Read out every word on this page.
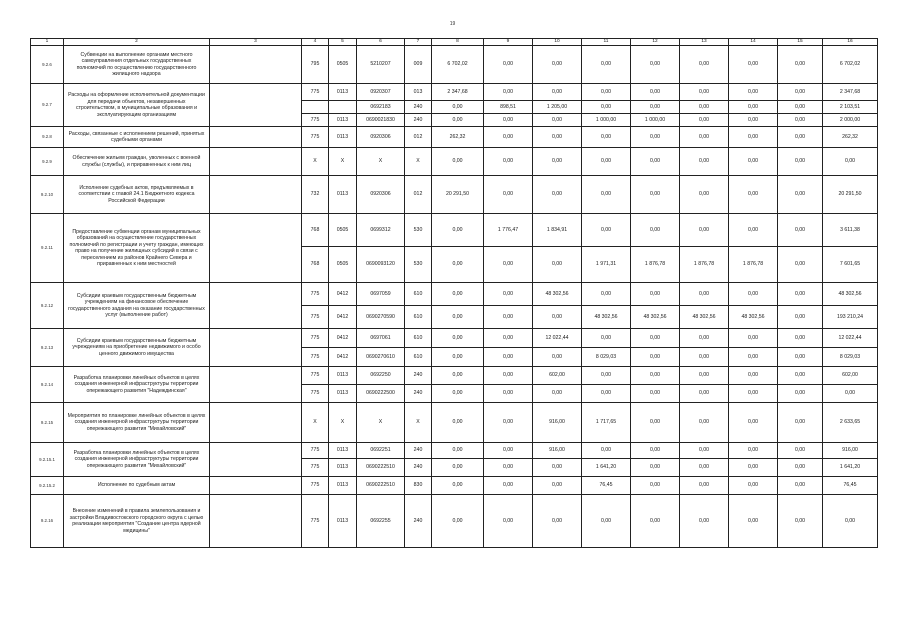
19
1	2	3	4	5	6	7	8	9	10	11	12	13	14	15	16
9.2.6	Субвенции на выполнение органами местного самоуправления отдельных государственных полномочий по осуществлению государственного жилищного надзора		795	0505	5210207	009	6 702,02	0,00	0,00	0,00	0,00	0,00	0,00	0,00	6 702,02
9.2.7	Расходы на оформление исполнительной документации для передачи объектов, незавершенных строительством, в муниципальные образования и эксплуатирующим организациям		775	0113	0920307	013	2 347,68	0,00	0,00	0,00	0,00	0,00	0,00	0,00	2 347,68
					0692183	240	0,00	898,51	1 205,00	0,00	0,00	0,00	0,00	0,00	2 103,51
			775	0113	0690021830	240	0,00	0,00	0,00	1 000,00	1 000,00	0,00	0,00	0,00	2 000,00
9.2.8	Расходы, связанные с исполнением решений, принятых судебными органами		775	0113	0920306	012	262,32	0,00	0,00	0,00	0,00	0,00	0,00	0,00	262,32
9.2.9	Обеспечение жильем граждан, уволенных с военной службы (службы), и приравненных к ним лиц		X	X	X	X	0,00	0,00	0,00	0,00	0,00	0,00	0,00	0,00	0,00
9.2.10	Исполнение судебных актов, предъявляемых в соответствии с главой 24.1 Бюджетного кодекса Российской Федерации		732	0113	0920306	012	20 291,50	0,00	0,00	0,00	0,00	0,00	0,00	0,00	20 291,50
9.2.11	Предоставление субвенции органам муниципальных образований на осуществление государственных полномочий по регистрации и учету граждан, имеющих право на получение жилищных субсидий в связи с переселением из районов Крайнего Севера и приравненных к ним местностей		768	0505	0699312	530	0,00	1 776,47	1 834,91	0,00	0,00	0,00	0,00	0,00	3 611,38
			768	0505	0690093120	530	0,00	0,00	0,00	1 971,31	1 876,78	1 876,78	1 876,78	0,00	7 601,65
9.2.12	Субсидии краевым государственным бюджетным учреждениям на финансовое обеспечение государственного задания на оказание государственных услуг (выполнение работ)		775	0412	0697059	610	0,00	0,00	48 302,56	0,00	0,00	0,00	0,00	0,00	48 302,56
			775	0412	0690270590	610	0,00	0,00	0,00	48 302,56	48 302,56	48 302,56	48 302,56	0,00	193 210,24
9.2.13	Субсидии краевым государственным бюджетным учреждениям на приобретение недвижимого и особо ценного движимого имущества		775	0412	0697061	610	0,00	0,00	12 022,44	0,00	0,00	0,00	0,00	0,00	12 022,44
			775	0412	0690270610	610	0,00	0,00	0,00	8 029,03	0,00	0,00	0,00	0,00	8 029,03
9.2.14	Разработка планировки линейных объектов в целях создания инженерной инфраструктуры территории опережающего развития "Надеждинская"		775	0113	0692250	240	0,00	0,00	602,00	0,00	0,00	0,00	0,00	0,00	602,00
			775	0113	0690222500	240	0,00	0,00	0,00	0,00	0,00	0,00	0,00	0,00	0,00
9.2.15	Мероприятия по планировке линейных объектов в целях создания инженерной инфраструктуры территории опережающего развития "Михайловский"		X	X	X	X	0,00	0,00	916,00	1 717,65	0,00	0,00	0,00	0,00	2 633,65
9.2.15.1	Разработка планировки линейных объектов в целях создания инженерной инфраструктуры территории опережающего развития "Михайловский"		775	0113	0692251	240	0,00	0,00	916,00	0,00	0,00	0,00	0,00	0,00	916,00
			775	0113	0690222510	240	0,00	0,00	0,00	1 641,20	0,00	0,00	0,00	0,00	1 641,20
9.2.15.2	Исполнение по судебным актам		775	0113	0690222510	830	0,00	0,00	0,00	76,45	0,00	0,00	0,00	0,00	76,45
9.2.16	Внесение изменений в правила землепользования и застройки Владивостокского городского округа с целью реализации мероприятия "Создание центра ядерной медицины"		775	0113	0692255	240	0,00	0,00	0,00	0,00	0,00	0,00	0,00	0,00	0,00
